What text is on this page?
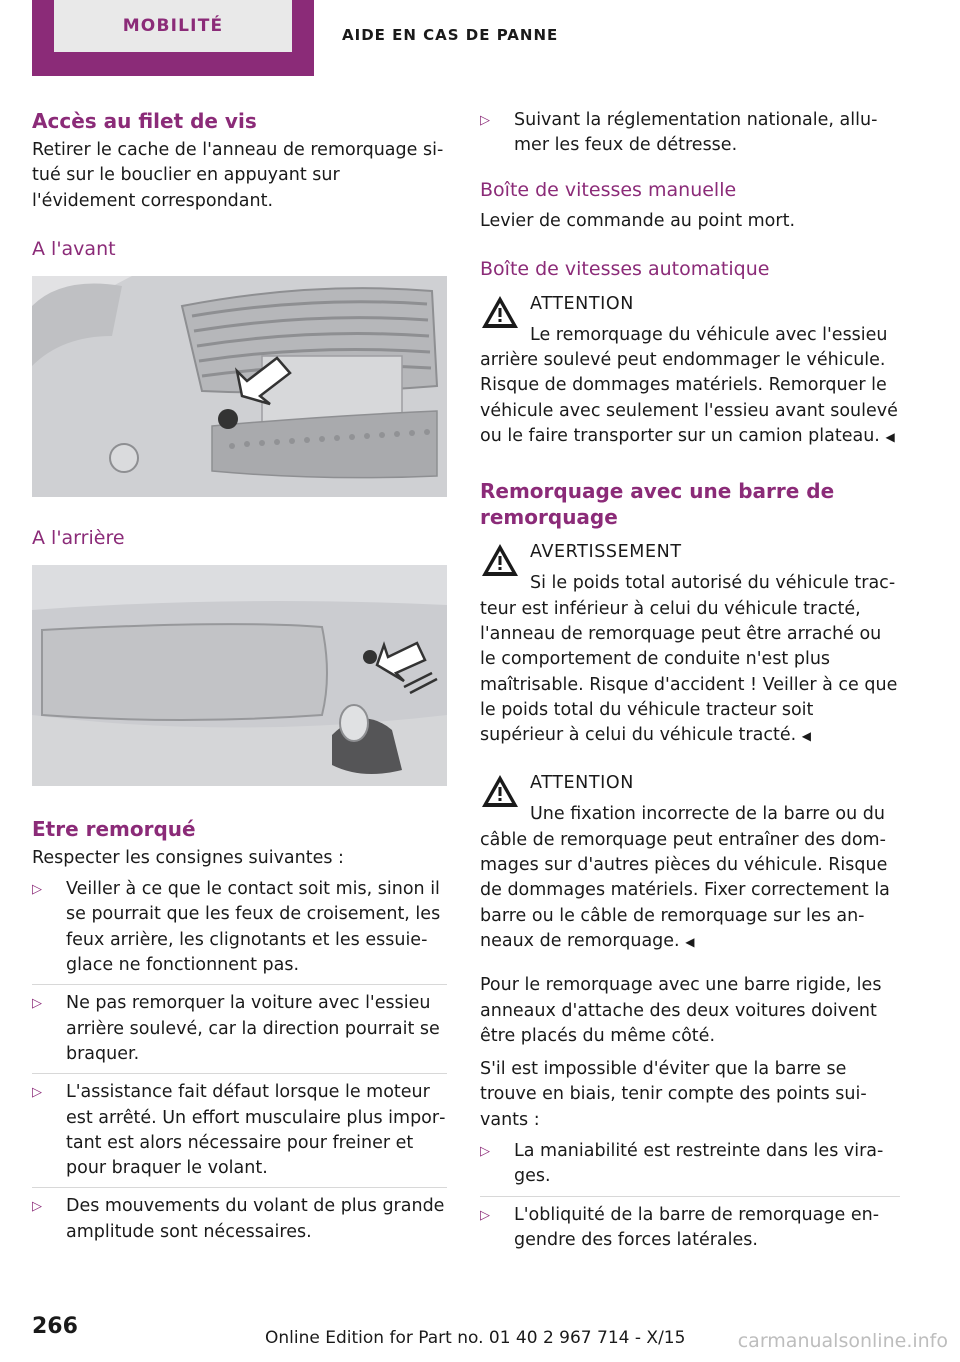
MOBILITÉ	AIDE EN CAS DE PANNE
Accès au filet de vis

Retirer le cache de l'anneau de remorquage situé sur le bouclier en appuyant sur l'évidement correspondant.

A l'avant
A l'arrière
Etre remorqué

Respecter les consignes suivantes :

▷ Veiller à ce que le contact soit mis, sinon il se pourrait que les feux de croisement, les feux arrière, les clignotants et les essuie-glace ne fonctionnent pas.
▷ Ne pas remorquer la voiture avec l'essieu arrière soulevé, car la direction pourrait se braquer.
▷ L'assistance fait défaut lorsque le moteur est arrêté. Un effort musculaire plus important est alors nécessaire pour freiner et pour braquer le volant.
▷ Des mouvements du volant de plus grande amplitude sont nécessaires.
▷ Suivant la réglementation nationale, allumer les feux de détresse.
Boîte de vitesses manuelle

Levier de commande au point mort.

Boîte de vitesses automatique
ATTENTION

Le remorquage du véhicule avec l'essieu arrière soulevé peut endommager le véhicule. Risque de dommages matériels. Remorquer le véhicule avec seulement l'essieu avant soulevé ou le faire transporter sur un camion plateau. ◀

Remorquage avec une barre de remorquage
AVERTISSEMENT

Si le poids total autorisé du véhicule tracteur est inférieur à celui du véhicule tracté, l'anneau de remorquage peut être arraché ou le comportement de conduite n'est plus maîtrisable. Risque d'accident ! Veiller à ce que le poids total du véhicule tracteur soit supérieur à celui du véhicule tracté. ◀

ATTENTION

Une fixation incorrecte de la barre ou du câble de remorquage peut entraîner des dommages sur d'autres pièces du véhicule. Risque de dommages matériels. Fixer correctement la barre ou le câble de remorquage sur les anneaux de remorquage. ◀

Pour le remorquage avec une barre rigide, les anneaux d'attache des deux voitures doivent être placés du même côté.

S'il est impossible d'éviter que la barre se trouve en biais, tenir compte des points suivants :

▷ La maniabilité est restreinte dans les virages.
▷ L'obliquité de la barre de remorquage engendre des forces latérales.
266	Online Edition for Part no. 01 40 2 967 714 - X/15	carmanualsonline.info
